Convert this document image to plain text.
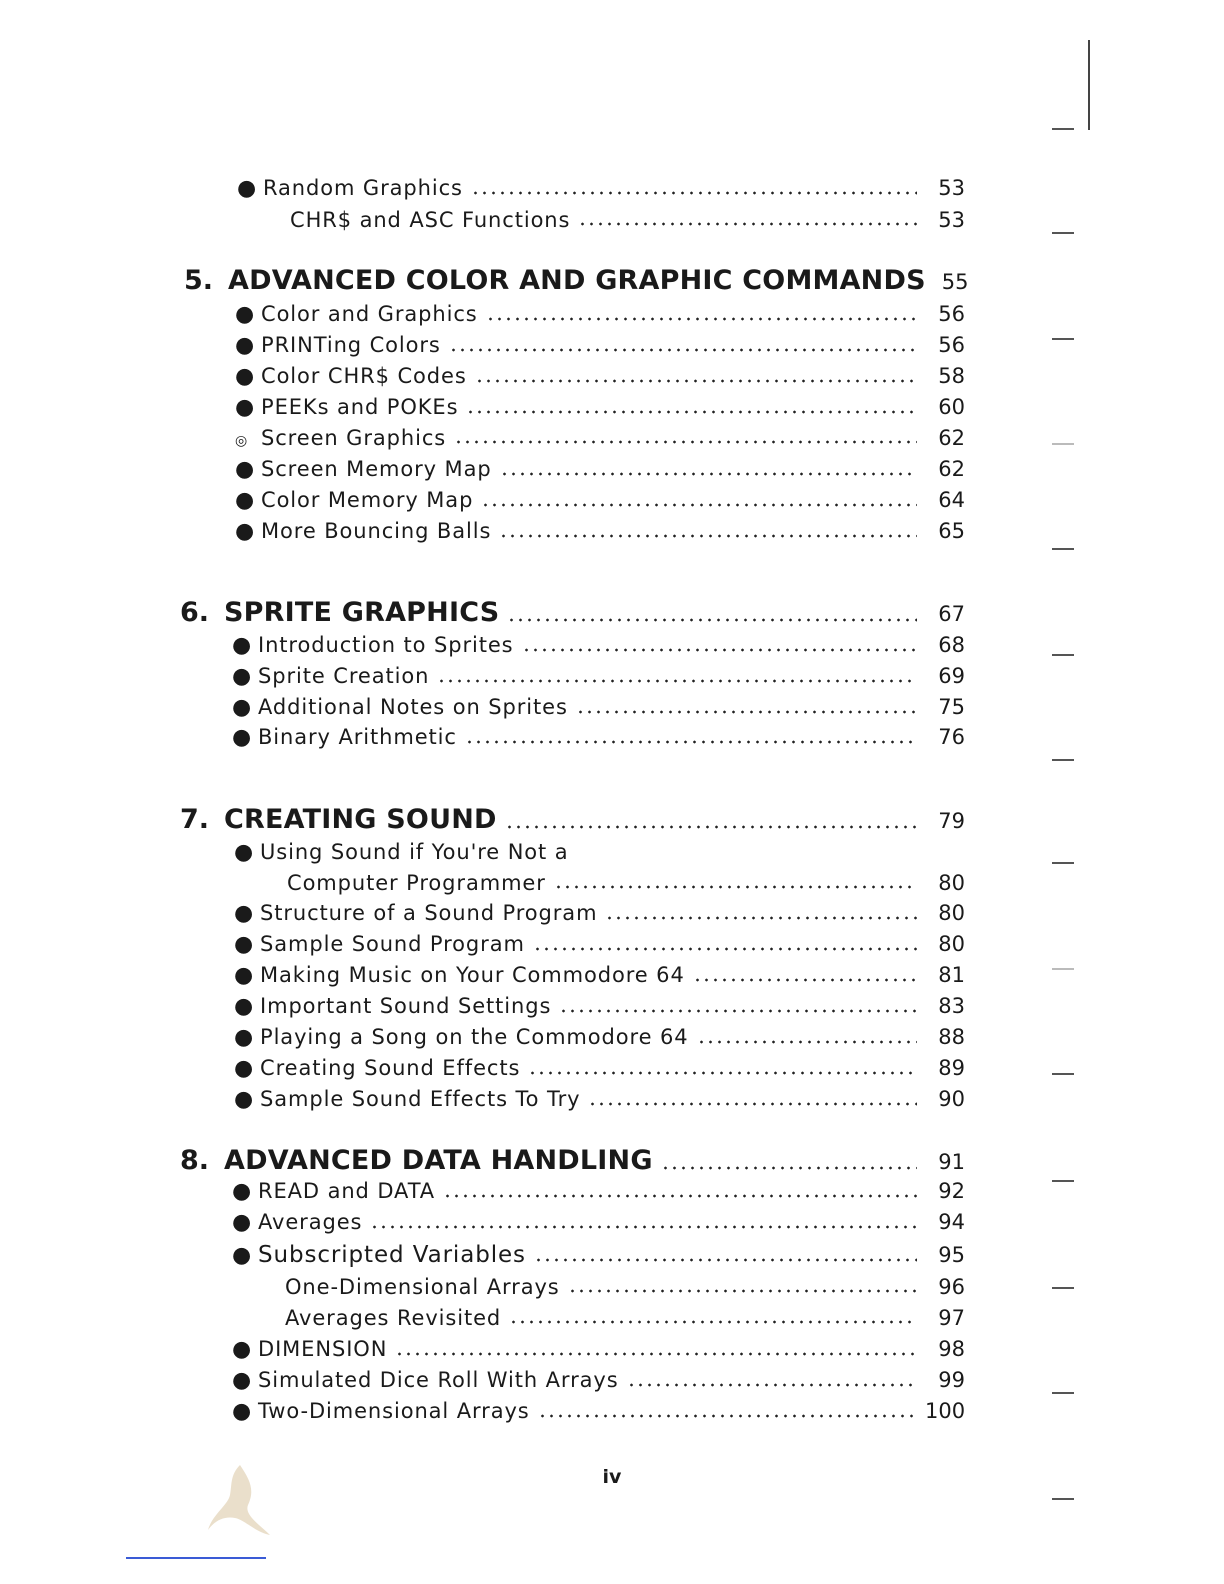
● Random Graphics	53
CHR$ and ASC Functions	53
5. ADVANCED COLOR AND GRAPHIC COMMANDS 55
● Color and Graphics	56
● PRINTing Colors	56
● Color CHR$ Codes	58
● PEEKs and POKEs	60
◎ Screen Graphics	62
● Screen Memory Map	62
● Color Memory Map	64
● More Bouncing Balls	65
6. SPRITE GRAPHICS	67
● Introduction to Sprites	68
● Sprite Creation	69
● Additional Notes on Sprites	75
● Binary Arithmetic	76
7. CREATING SOUND	79
● Using Sound if You're Not a
Computer Programmer	80
● Structure of a Sound Program	80
● Sample Sound Program	80
● Making Music on Your Commodore 64	81
● Important Sound Settings	83
● Playing a Song on the Commodore 64	88
● Creating Sound Effects	89
● Sample Sound Effects To Try	90
8. ADVANCED DATA HANDLING	91
● READ and DATA	92
● Averages	94
● Subscripted Variables	95
One-Dimensional Arrays	96
Averages Revisited	97
● DIMENSION	98
● Simulated Dice Roll With Arrays	99
● Two-Dimensional Arrays	100
iv
